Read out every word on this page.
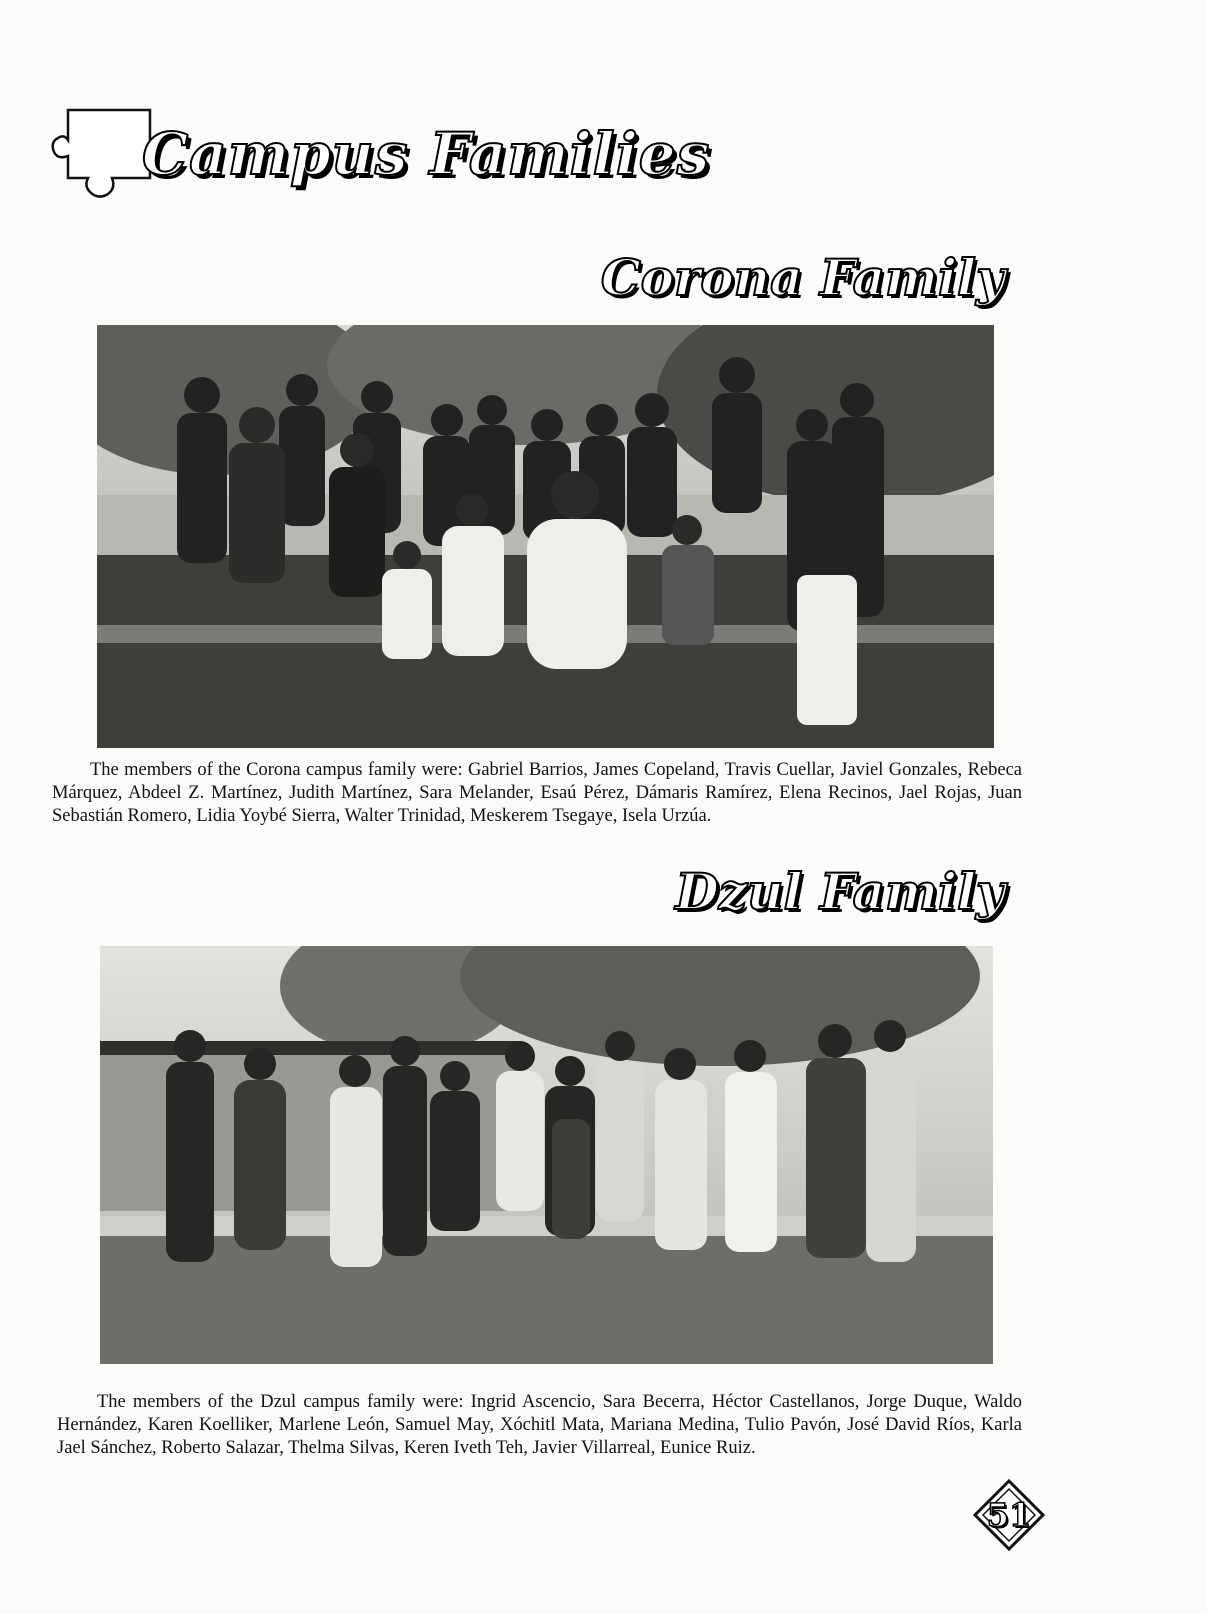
Campus Families
Corona Family
The members of the Corona campus family were: Gabriel Barrios, James Copeland, Travis Cuellar, Javiel Gonzales, Rebeca Márquez, Abdeel Z. Martínez, Judith Martínez, Sara Melander, Esaú Pérez, Dámaris Ramírez, Elena Recinos, Jael Rojas, Juan Sebastián Romero, Lidia Yoybé Sierra, Walter Trinidad, Meskerem Tsegaye, Isela Urzúa.
Dzul Family
The members of the Dzul campus family were: Ingrid Ascencio, Sara Becerra, Héctor Castellanos, Jorge Duque, Waldo Hernández, Karen Koelliker, Marlene León, Samuel May, Xóchitl Mata, Mariana Medina, Tulio Pavón, José David Ríos, Karla Jael Sánchez, Roberto Salazar, Thelma Silvas, Keren Iveth Teh, Javier Villarreal, Eunice Ruiz.
51
